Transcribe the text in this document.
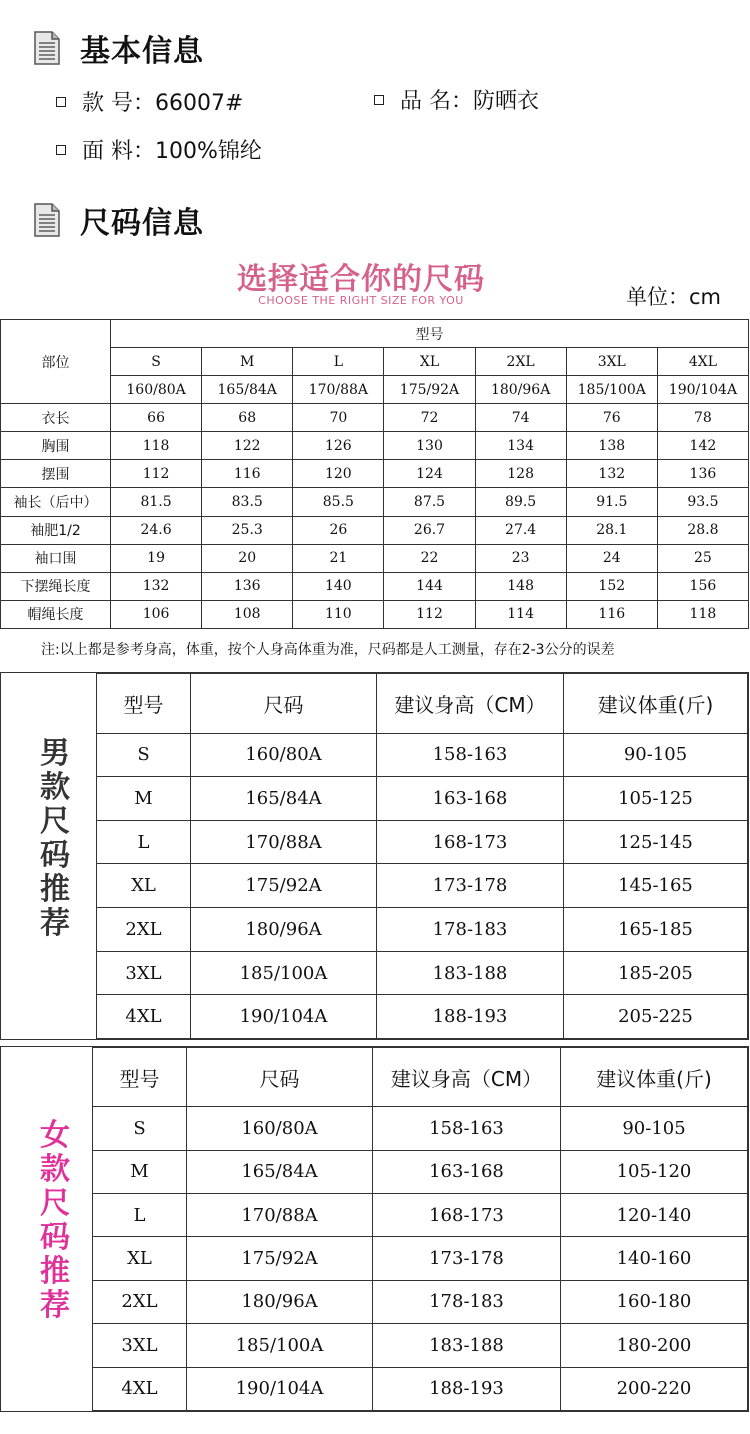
基本信息
款 号：66007#	品 名：防晒衣
面 料：100%锦纶
尺码信息
选择适合你的尺码
CHOOSE THE RIGHT SIZE FOR YOU	单位：cm
部位	型号						
	S	M	L	XL	2XL	3XL	4XL
	160/80A	165/84A	170/88A	175/92A	180/96A	185/100A	190/104A
衣长	66	68	70	72	74	76	78
胸围	118	122	126	130	134	138	142
摆围	112	116	120	124	128	132	136
袖长（后中）	81.5	83.5	85.5	87.5	89.5	91.5	93.5
袖肥1/2	24.6	25.3	26	26.7	27.4	28.1	28.8
袖口围	19	20	21	22	23	24	25
下摆绳长度	132	136	140	144	148	152	156
帽绳长度	106	108	110	112	114	116	118
注:以上都是参考身高，体重，按个人身高体重为准，尺码都是人工测量，存在2-3公分的误差
男
款
尺
码
推
荐
型号	尺码	建议身高（CM）	建议体重(斤)
S	160/80A	158-163	90-105
M	165/84A	163-168	105-125
L	170/88A	168-173	125-145
XL	175/92A	173-178	145-165
2XL	180/96A	178-183	165-185
3XL	185/100A	183-188	185-205
4XL	190/104A	188-193	205-225
女
款
尺
码
推
荐
型号	尺码	建议身高（CM）	建议体重(斤)
S	160/80A	158-163	90-105
M	165/84A	163-168	105-120
L	170/88A	168-173	120-140
XL	175/92A	173-178	140-160
2XL	180/96A	178-183	160-180
3XL	185/100A	183-188	180-200
4XL	190/104A	188-193	200-220
